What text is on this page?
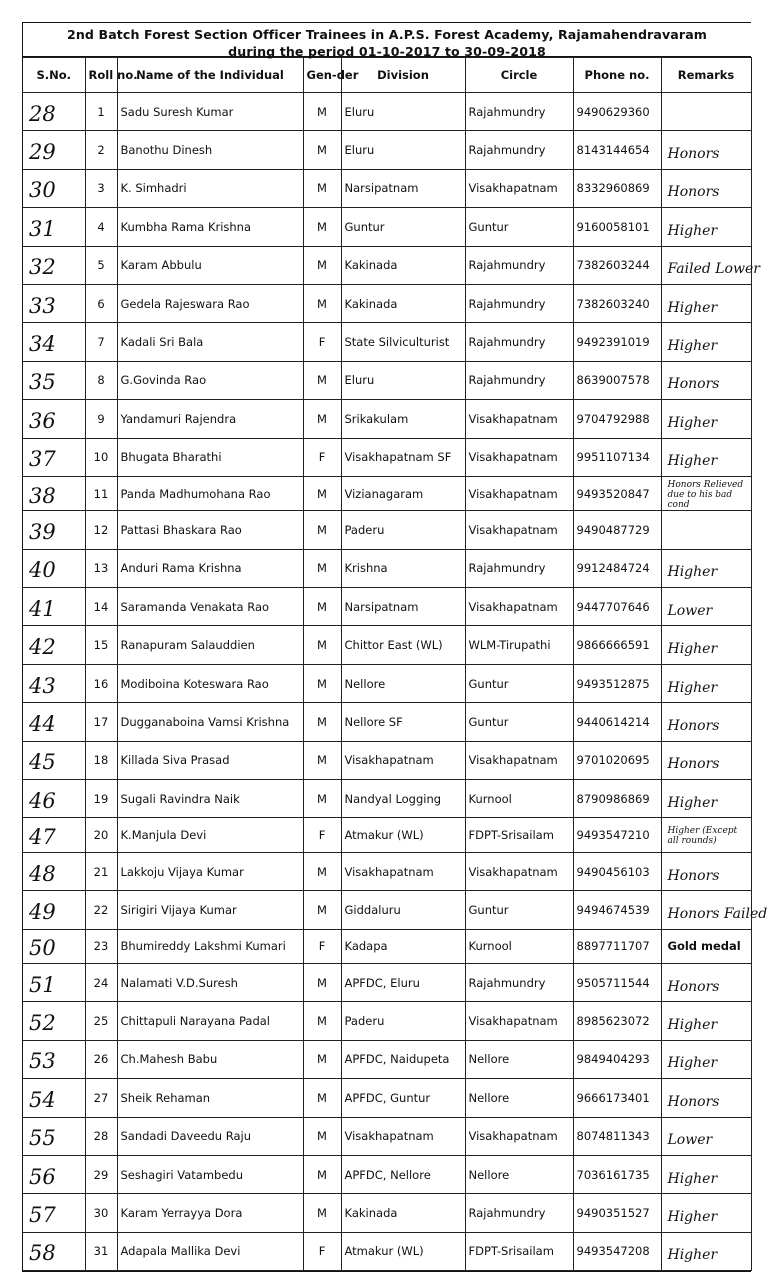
2nd Batch Forest Section Officer Trainees in A.P.S. Forest Academy, Rajamahendravaram
during the period 01-10-2017 to 30-09-2018
S.No.	Roll no.	Name of the Individual	Gen-der	Division	Circle	Phone no.	Remarks
28	1	Sadu Suresh Kumar	M	Eluru	Rajahmundry	9490629360	
29	2	Banothu Dinesh	M	Eluru	Rajahmundry	8143144654	Honors
30	3	K. Simhadri	M	Narsipatnam	Visakhapatnam	8332960869	Honors
31	4	Kumbha Rama Krishna	M	Guntur	Guntur	9160058101	Higher
32	5	Karam Abbulu	M	Kakinada	Rajahmundry	7382603244	Failed Lower
33	6	Gedela Rajeswara Rao	M	Kakinada	Rajahmundry	7382603240	Higher
34	7	Kadali Sri Bala	F	State Silviculturist	Rajahmundry	9492391019	Higher
35	8	G.Govinda Rao	M	Eluru	Rajahmundry	8639007578	Honors
36	9	Yandamuri Rajendra	M	Srikakulam	Visakhapatnam	9704792988	Higher
37	10	Bhugata Bharathi	F	Visakhapatnam SF	Visakhapatnam	9951107134	Higher
38	11	Panda Madhumohana Rao	M	Vizianagaram	Visakhapatnam	9493520847	Honors Relieved due to his bad cond
39	12	Pattasi Bhaskara Rao	M	Paderu	Visakhapatnam	9490487729	
40	13	Anduri Rama Krishna	M	Krishna	Rajahmundry	9912484724	Higher
41	14	Saramanda Venakata Rao	M	Narsipatnam	Visakhapatnam	9447707646	Lower
42	15	Ranapuram Salauddien	M	Chittor East (WL)	WLM-Tirupathi	9866666591	Higher
43	16	Modiboina Koteswara Rao	M	Nellore	Guntur	9493512875	Higher
44	17	Dugganaboina Vamsi Krishna	M	Nellore SF	Guntur	9440614214	Honors
45	18	Killada Siva Prasad	M	Visakhapatnam	Visakhapatnam	9701020695	Honors
46	19	Sugali Ravindra Naik	M	Nandyal Logging	Kurnool	8790986869	Higher
47	20	K.Manjula Devi	F	Atmakur (WL)	FDPT-Srisailam	9493547210	Higher (Except all rounds)
48	21	Lakkoju Vijaya Kumar	M	Visakhapatnam	Visakhapatnam	9490456103	Honors
49	22	Sirigiri Vijaya Kumar	M	Giddaluru	Guntur	9494674539	Honors Failed
50	23	Bhumireddy Lakshmi Kumari	F	Kadapa	Kurnool	8897711707	Gold medal
51	24	Nalamati V.D.Suresh	M	APFDC, Eluru	Rajahmundry	9505711544	Honors
52	25	Chittapuli Narayana Padal	M	Paderu	Visakhapatnam	8985623072	Higher
53	26	Ch.Mahesh Babu	M	APFDC, Naidupeta	Nellore	9849404293	Higher
54	27	Sheik Rehaman	M	APFDC, Guntur	Nellore	9666173401	Honors
55	28	Sandadi Daveedu Raju	M	Visakhapatnam	Visakhapatnam	8074811343	Lower
56	29	Seshagiri Vatambedu	M	APFDC, Nellore	Nellore	7036161735	Higher
57	30	Karam Yerrayya Dora	M	Kakinada	Rajahmundry	9490351527	Higher
58	31	Adapala Mallika Devi	F	Atmakur (WL)	FDPT-Srisailam	9493547208	Higher
